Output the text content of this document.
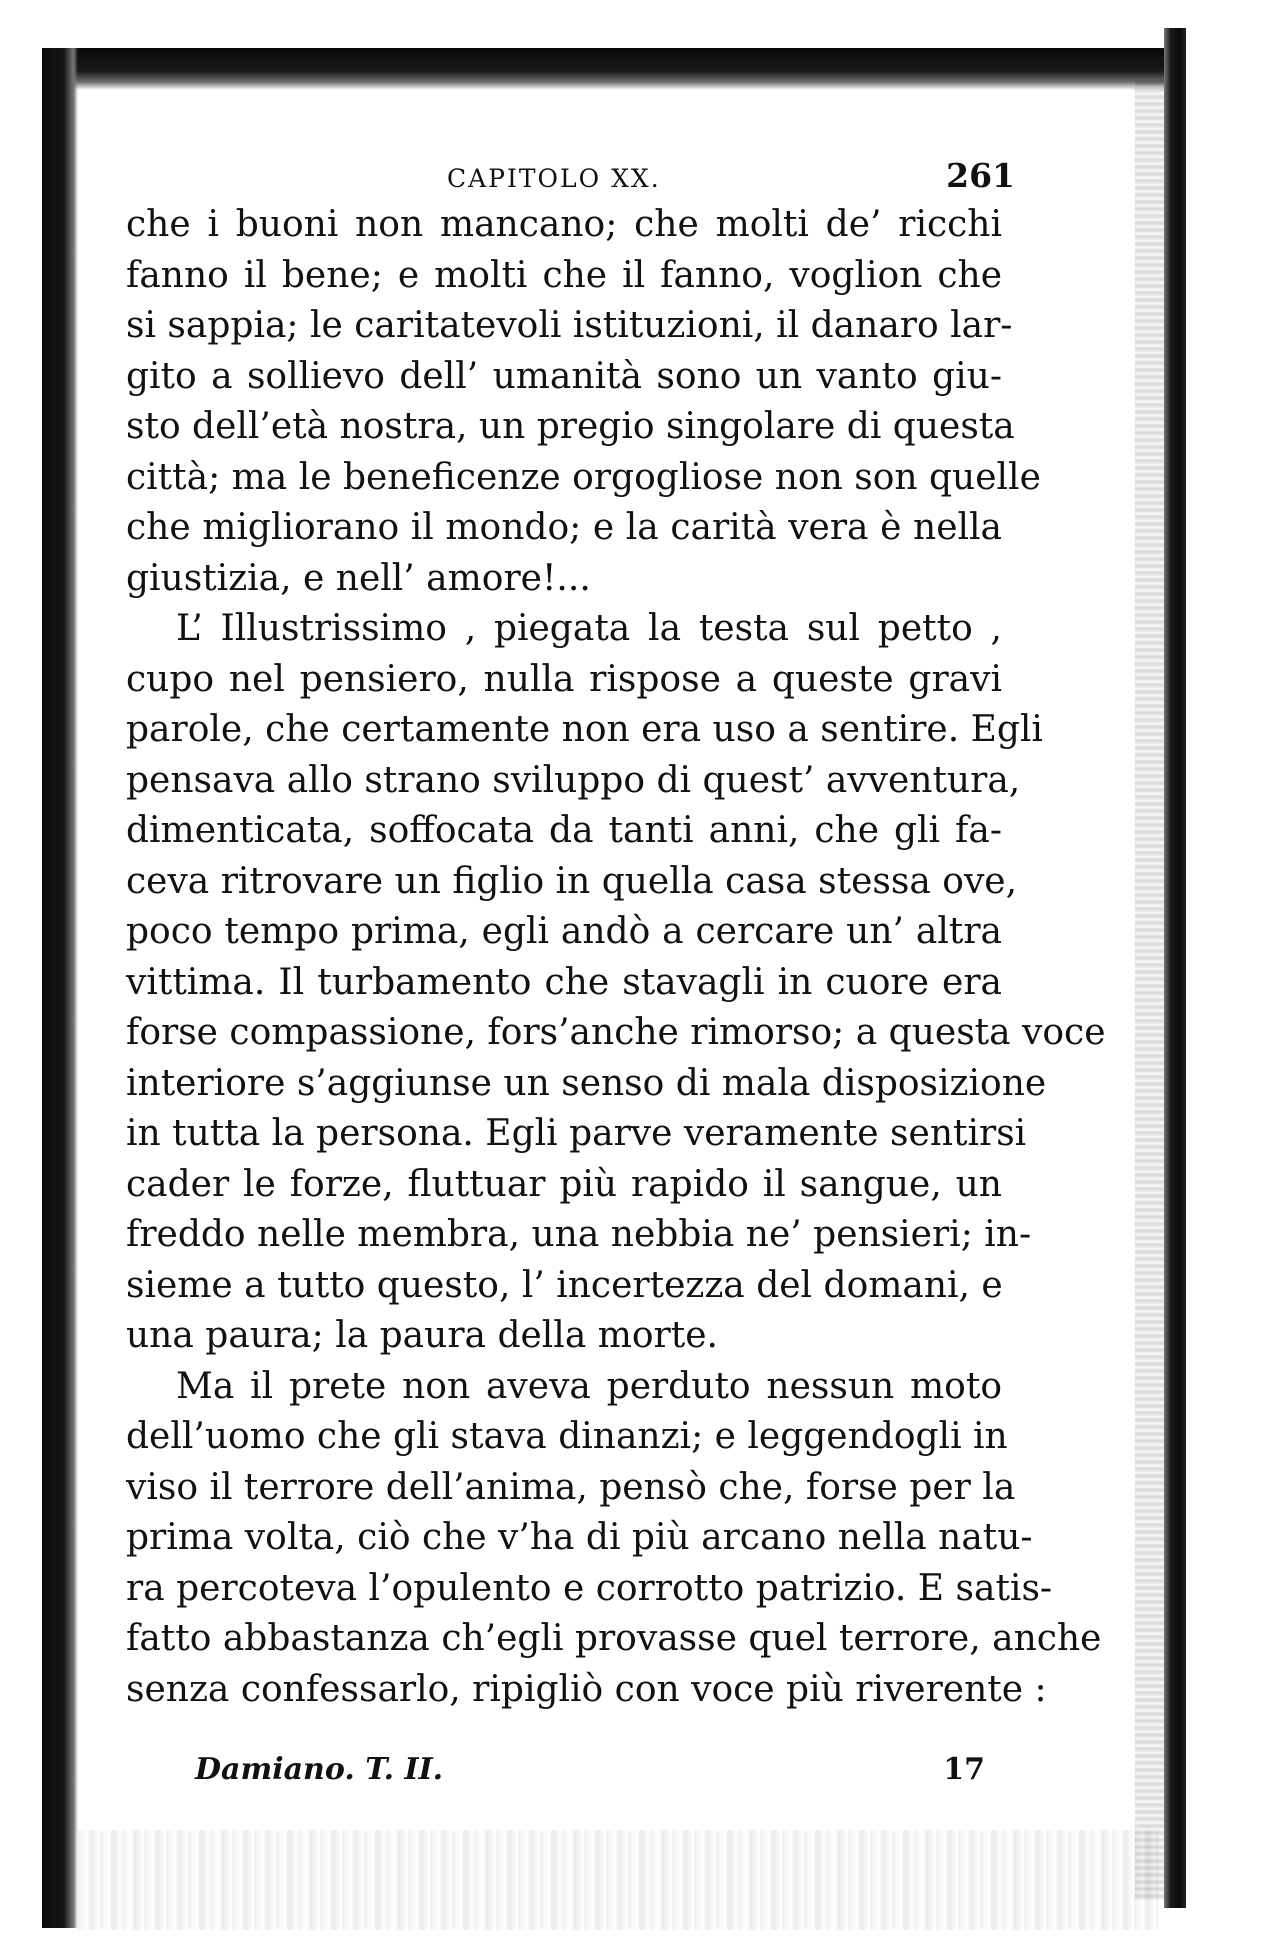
CAPITOLO XX.	261
che i buoni non mancano; che molti de’ ricchi
fanno il bene; e molti che il fanno, voglion che
si sappia; le caritatevoli istituzioni, il danaro lar-
gito a sollievo dell’ umanità sono un vanto giu-
sto dell’età nostra, un pregio singolare di questa
città; ma le beneficenze orgogliose non son quelle
che migliorano il mondo; e la carità vera è nella
giustizia, e nell’ amore!...
L’ Illustrissimo , piegata la testa sul petto ,
cupo nel pensiero, nulla rispose a queste gravi
parole, che certamente non era uso a sentire. Egli
pensava allo strano sviluppo di quest’ avventura,
dimenticata, soffocata da tanti anni, che gli fa-
ceva ritrovare un figlio in quella casa stessa ove,
poco tempo prima, egli andò a cercare un’ altra
vittima. Il turbamento che stavagli in cuore era
forse compassione, fors’anche rimorso; a questa voce
interiore s’aggiunse un senso di mala disposizione
in tutta la persona. Egli parve veramente sentirsi
cader le forze, fluttuar più rapido il sangue, un
freddo nelle membra, una nebbia ne’ pensieri; in-
sieme a tutto questo, l’ incertezza del domani, e
una paura; la paura della morte.
Ma il prete non aveva perduto nessun moto
dell’uomo che gli stava dinanzi; e leggendogli in
viso il terrore dell’anima, pensò che, forse per la
prima volta, ciò che v’ha di più arcano nella natu-
ra percoteva l’opulento e corrotto patrizio. E satis-
fatto abbastanza ch’egli provasse quel terrore, anche
senza confessarlo, ripigliò con voce più riverente :
Damiano. T. II.	17
